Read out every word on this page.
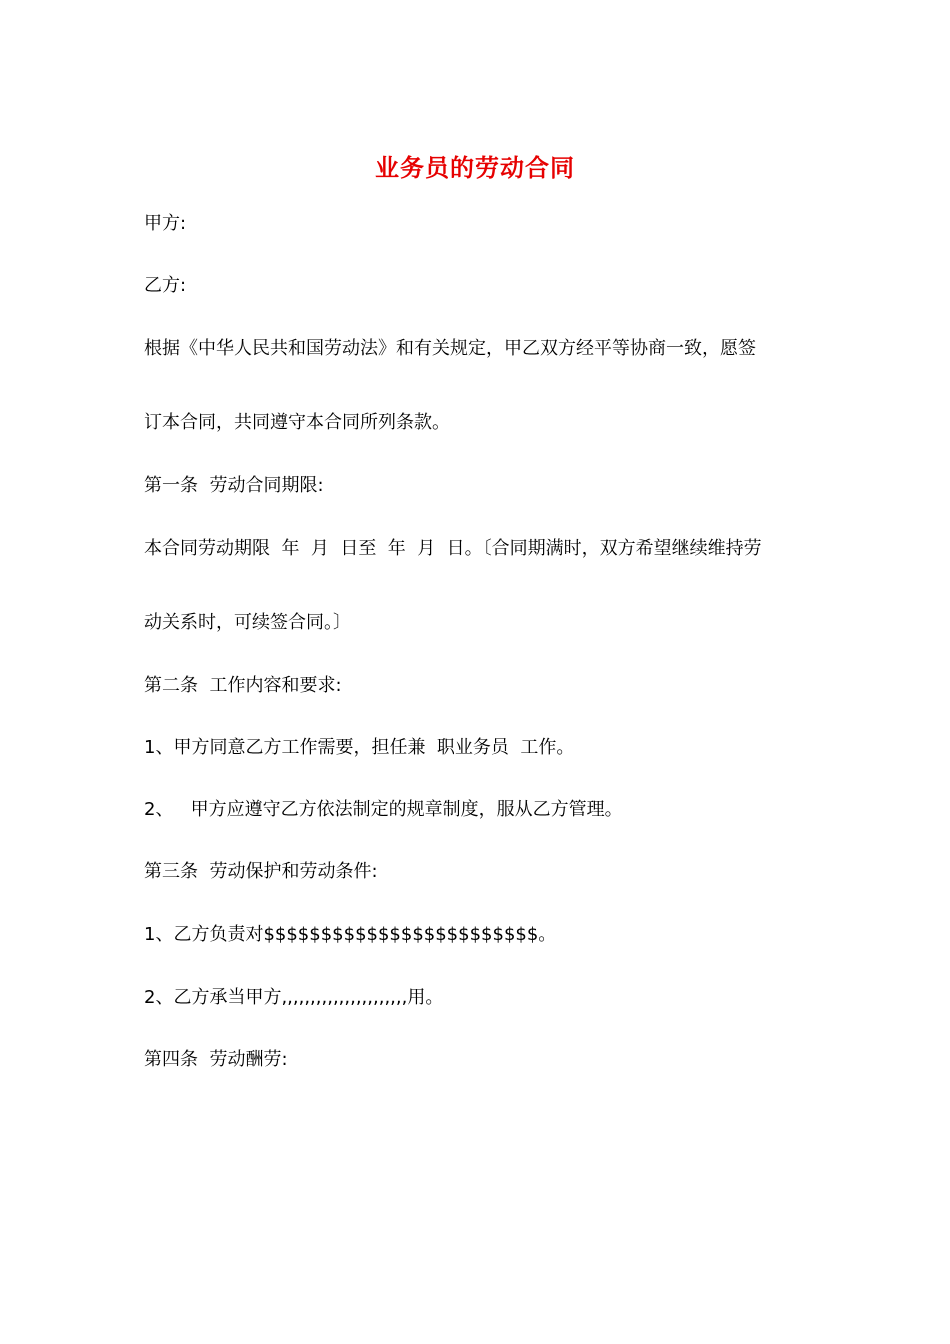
业务员的劳动合同
甲方:
乙方:
根据《中华人民共和国劳动法》和有关规定，甲乙双方经平等协商一致，愿签
订本合同，共同遵守本合同所列条款。
第一条  劳动合同期限:
本合同劳动期限  年  月  日至  年  月  日。〔合同期满时，双方希望继续维持劳
动关系时，可续签合同。〕
第二条  工作内容和要求:
1、甲方同意乙方工作需要，担任兼  职业务员  工作。
2、   甲方应遵守乙方依法制定的规章制度，服从乙方管理。
第三条  劳动保护和劳动条件:
1、乙方负责对$$$$$$$$$$$$$$$$$$$$$$$$。
2、乙方承当甲方,,,,,,,,,,,,,,,,,,,,,,用。
第四条  劳动酬劳:
